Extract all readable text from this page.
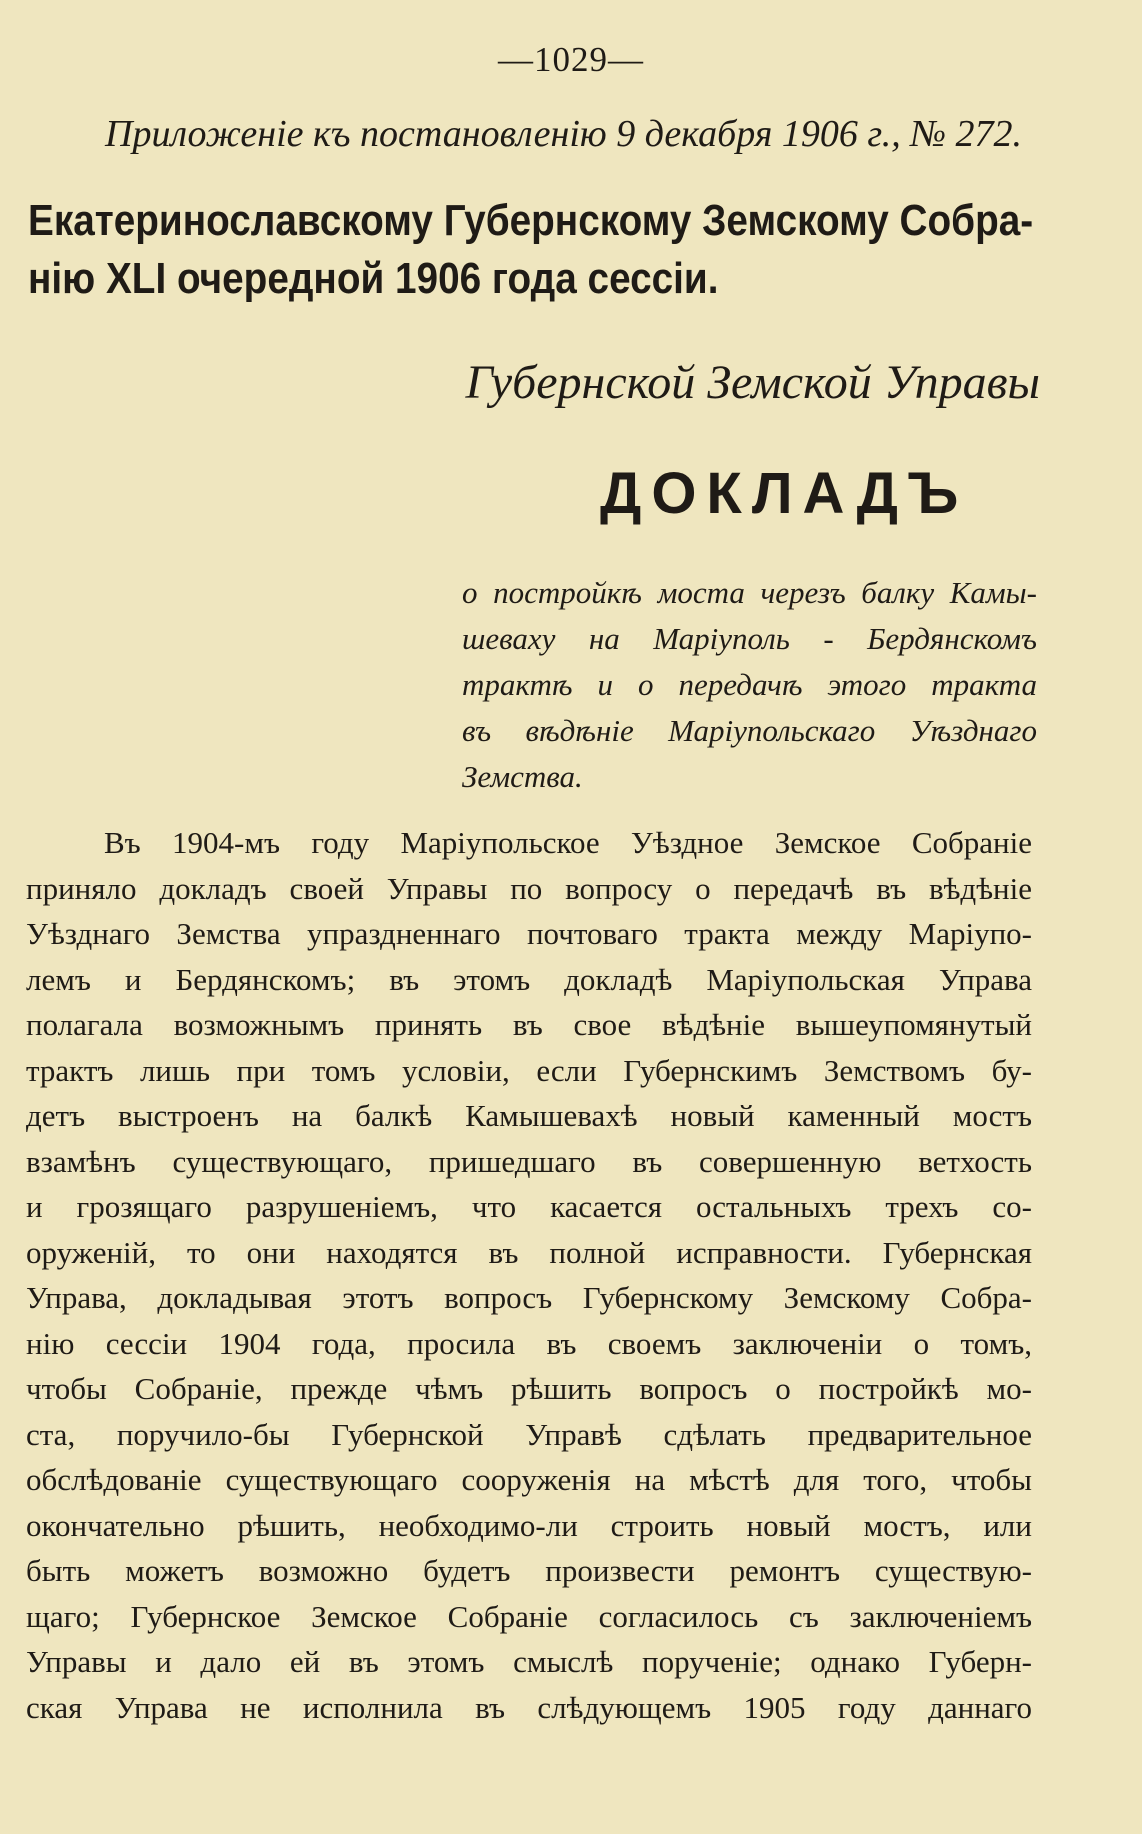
—1029—
Приложенiе къ постановленiю 9 декабря 1906 г., № 272.
Екатеринославскому Губернскому Земскому Собра-
нiю XLI очередной 1906 года сессiи.
Губернской Земской Управы
ДОКЛАДЪ
о постройкѣ моста черезъ балку Камы-
шеваху на Марiуполь - Бердянскомъ
трактѣ и о передачѣ этого тракта
въ вѣдѣнiе Марiупольскаго Уѣзднаго
Земства.
Въ 1904-мъ году Марiупольское Уѣздное Земское Собранiе
приняло докладъ своей Управы по вопросу о передачѣ въ вѣдѣнiе
Уѣзднаго Земства упраздненнаго почтоваго тракта между Марiупо-
лемъ и Бердянскомъ; въ этомъ докладѣ Марiупольская Управа
полагала возможнымъ принять въ свое вѣдѣнiе вышеупомянутый
трактъ лишь при томъ условiи, если Губернскимъ Земствомъ бу-
детъ выстроенъ на балкѣ Камышевахѣ новый каменный мостъ
взамѣнъ существующаго, пришедшаго въ совершенную ветхость
и грозящаго разрушенiемъ, что касается остальныхъ трехъ со-
оруженiй, то они находятся въ полной исправности. Губернская
Управа, докладывая этотъ вопросъ Губернскому Земскому Собра-
нiю сессiи 1904 года, просила въ своемъ заключенiи о томъ,
чтобы Собранiе, прежде чѣмъ рѣшить вопросъ о постройкѣ мо-
ста, поручило-бы Губернской Управѣ сдѣлать предварительное
обслѣдованiе существующаго сооруженiя на мѣстѣ для того, чтобы
окончательно рѣшить, необходимо-ли строить новый мостъ, или
быть можетъ возможно будетъ произвести ремонтъ существую-
щаго; Губернское Земское Собранiе согласилось съ заключенiемъ
Управы и дало ей въ этомъ смыслѣ порученiе; однако Губерн-
ская Управа не исполнила въ слѣдующемъ 1905 году даннаго
